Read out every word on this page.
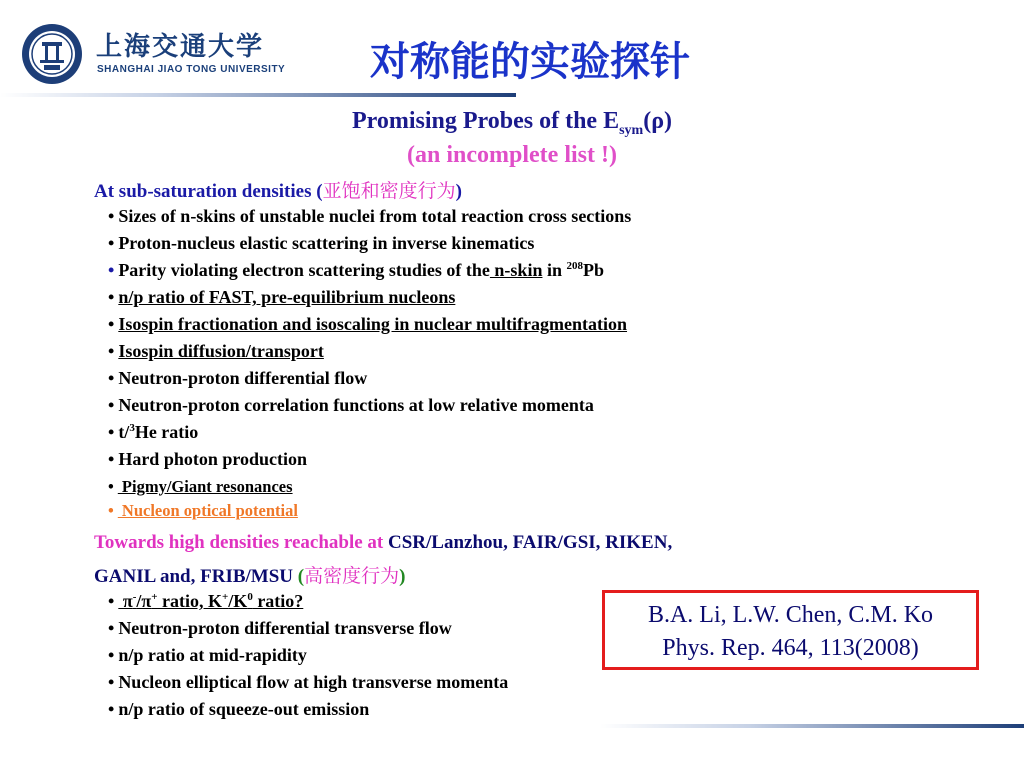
上海交通大学
SHANGHAI JIAO TONG UNIVERSITY	对称能的实验探针
Promising Probes of the $E_{sym}(\rho)$
(an incomplete list !)
At sub-saturation densities (亚饱和密度行为)
• Sizes of n-skins of unstable nuclei from total reaction cross sections
• Proton-nucleus elastic scattering in inverse kinematics
• Parity violating electron scattering studies of the n-skin in $^{208}$Pb
• n/p ratio of FAST, pre-equilibrium nucleons
• Isospin fractionation and isoscaling in nuclear multifragmentation
• Isospin diffusion/transport
• Neutron-proton differential flow
• Neutron-proton correlation functions at low relative momenta
• t/$^3$He ratio
• Hard photon production
• Pigmy/Giant resonances
• Nucleon optical potential
Towards high densities reachable at CSR/Lanzhou, FAIR/GSI, RIKEN,
GANIL and, FRIB/MSU (高密度行为)
• π-/π+ ratio, $K^+/K^0$ ratio?
• Neutron-proton differential transverse flow
• n/p ratio at mid-rapidity
• Nucleon elliptical flow at high transverse momenta
• n/p ratio of squeeze-out emission
B.A. Li, L.W. Chen, C.M. Ko
Phys. Rep. 464, 113(2008)
